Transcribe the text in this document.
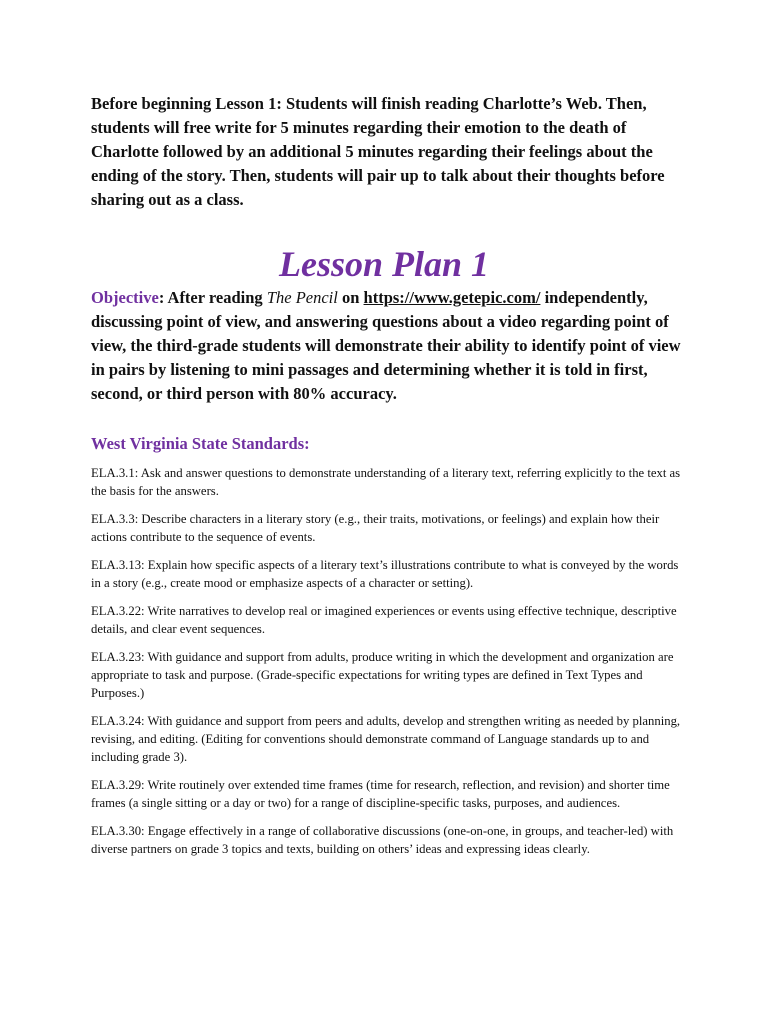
Before beginning Lesson 1: Students will finish reading Charlotte’s Web. Then, students will free write for 5 minutes regarding their emotion to the death of Charlotte followed by an additional 5 minutes regarding their feelings about the ending of the story. Then, students will pair up to talk about their thoughts before sharing out as a class.
Lesson Plan 1
Objective: After reading The Pencil on https://www.getepic.com/ independently, discussing point of view, and answering questions about a video regarding point of view, the third-grade students will demonstrate their ability to identify point of view in pairs by listening to mini passages and determining whether it is told in first, second, or third person with 80% accuracy.
West Virginia State Standards:
ELA.3.1: Ask and answer questions to demonstrate understanding of a literary text, referring explicitly to the text as the basis for the answers.
ELA.3.3: Describe characters in a literary story (e.g., their traits, motivations, or feelings) and explain how their actions contribute to the sequence of events.
ELA.3.13: Explain how specific aspects of a literary text’s illustrations contribute to what is conveyed by the words in a story (e.g., create mood or emphasize aspects of a character or setting).
ELA.3.22: Write narratives to develop real or imagined experiences or events using effective technique, descriptive details, and clear event sequences.
ELA.3.23: With guidance and support from adults, produce writing in which the development and organization are appropriate to task and purpose. (Grade-specific expectations for writing types are defined in Text Types and Purposes.)
ELA.3.24: With guidance and support from peers and adults, develop and strengthen writing as needed by planning, revising, and editing. (Editing for conventions should demonstrate command of Language standards up to and including grade 3).
ELA.3.29: Write routinely over extended time frames (time for research, reflection, and revision) and shorter time frames (a single sitting or a day or two) for a range of discipline-specific tasks, purposes, and audiences.
ELA.3.30: Engage effectively in a range of collaborative discussions (one-on-one, in groups, and teacher-led) with diverse partners on grade 3 topics and texts, building on others’ ideas and expressing ideas clearly.
